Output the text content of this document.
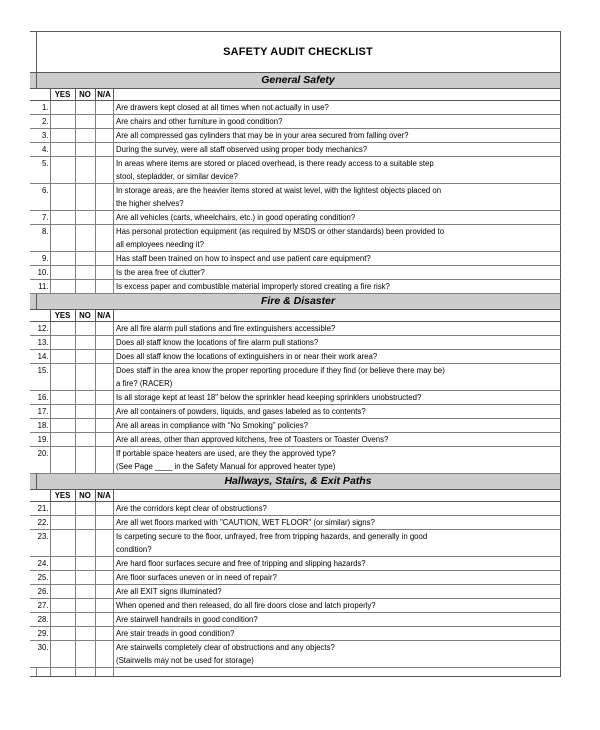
	SAFETY AUDIT CHECKLIST				
	General Safety				
		YES	NO	N/A	
	1.				Are drawers kept closed at all times when not actually in use?
	2.				Are chairs and other furniture in good condition?
	3.				Are all compressed gas cylinders that may be in your area secured from falling over?
	4.				During the survey, were all staff observed using proper body mechanics?
	5.				In areas where items are stored or placed overhead, is there ready access to a suitable step
stool, stepladder, or similar device?

	6.				In storage areas, are the heavier items stored at waist level, with the lightest objects placed on
the higher shelves?

	7.				Are all vehicles (carts, wheelchairs, etc.) in good operating condition?
	8.				Has personal protection equipment (as required by MSDS or other standards) been provided to
all employees needing it?

	9.				Has staff been trained on how to inspect and use patient care equipment?
	10.				Is the area free of clutter?
	11.				Is excess paper and combustible material improperly stored creating a fire risk?
	Fire & Disaster				
		YES	NO	N/A	
	12.				Are all fire alarm pull stations and fire extinguishers accessible?
	13.				Does all staff know the locations of fire alarm pull stations?
	14.				Does all staff know the locations of extinguishers in or near their work area?
	15.				Does staff in the area know the proper reporting procedure if they find (or believe there may be)
a fire? (RACER)

	16.				Is all storage kept at least 18" below the sprinkler head keeping sprinklers unobstructed?
	17.				Are all containers of powders, liquids, and gases labeled as to contents?
	18.				Are all areas in compliance with “No Smoking” policies?
	19.				Are all areas, other than approved kitchens, free of Toasters or Toaster Ovens?
	20.				If portable space heaters are used, are they the approved type?
(See Page ____ in the Safety Manual for approved heater type)

	Hallways, Stairs, & Exit Paths				
		YES	NO	N/A	
	21.				Are the corridors kept clear of obstructions?
	22.				Are all wet floors marked with "CAUTION, WET FLOOR" (or similar) signs?
	23.				Is carpeting secure to the floor, unfrayed, free from tripping hazards, and generally in good
condition?

	24.				Are hard floor surfaces secure and free of tripping and slipping hazards?
	25.				Are floor surfaces uneven or in need of repair?
	26.				Are all EXIT signs illuminated?
	27.				When opened and then released, do all fire doors close and latch properly?
	28.				Are stairwell handrails in good condition?
	29.				Are stair treads in good condition?
	30.				Are stairwells completely clear of obstructions and any objects?
(Stairwells may not be used for storage)
